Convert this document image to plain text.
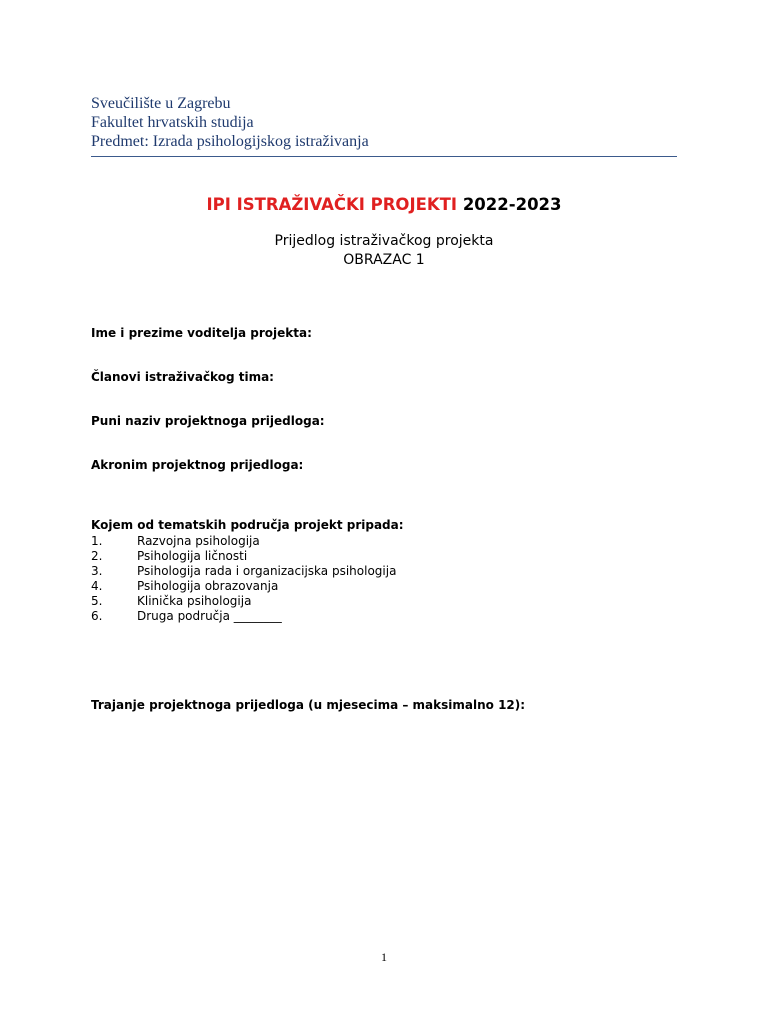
Sveučilište u Zagrebu
Fakultet hrvatskih studija
Predmet: Izrada psihologijskog istraživanja
IPI ISTRAŽIVAČKI PROJEKTI 2022-2023
Prijedlog istraživačkog projekta
OBRAZAC 1
Ime i prezime voditelja projekta:
Članovi istraživačkog tima:
Puni naziv projektnoga prijedloga:
Akronim projektnog prijedloga:
Kojem od tematskih područja projekt pripada:
1.	Razvojna psihologija
2.	Psihologija ličnosti
3.	Psihologija rada i organizacijska psihologija
4.	Psihologija obrazovanja
5.	Klinička psihologija
6.	Druga područja ________
Trajanje projektnoga prijedloga (u mjesecima – maksimalno 12):
1
